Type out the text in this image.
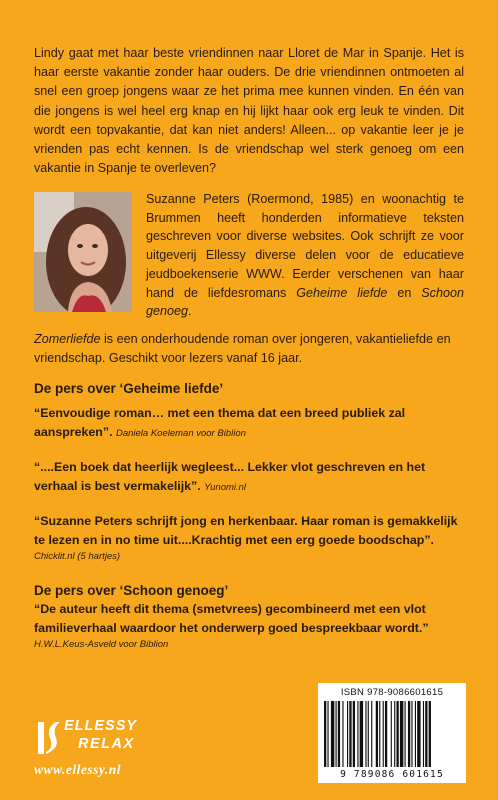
Lindy gaat met haar beste vriendinnen naar Lloret de Mar in Spanje. Het is haar eerste vakantie zonder haar ouders. De drie vriendinnen ontmoeten al snel een groep jongens waar ze het prima mee kunnen vinden. En één van die jongens is wel heel erg knap en hij lijkt haar ook erg leuk te vinden. Dit wordt een topvakantie, dat kan niet anders! Alleen... op vakantie leer je je vrienden pas echt kennen. Is de vriendschap wel sterk genoeg om een vakantie in Spanje te overleven?

Suzanne Peters (Roermond, 1985) en woonachtig te Brummen heeft honderden informatieve teksten geschreven voor diverse websites. Ook schrijft ze voor uitgeverij Ellessy diverse delen voor de educatieve jeudboekenserie WWW. Eerder verschenen van haar hand de liefdesromans Geheime liefde en Schoon genoeg.

Zomerliefde is een onderhoudende roman over jongeren, vakantieliefde en vriendschap. Geschikt voor lezers vanaf 16 jaar.

De pers over ‘Geheime liefde’
“Eenvoudige roman… met een thema dat een breed publiek zal aanspreken”. Daniela Koeleman voor Biblion
“....Een boek dat heerlijk wegleest... Lekker vlot geschreven en het verhaal is best vermakelijk”. Yunomi.nl
“Suzanne Peters schrijft jong en herkenbaar. Haar roman is gemakkelijk te lezen en in no time uit....Krachtig met een erg goede boodschap”.
Chicklit.nl (5 hartjes)
De pers over ‘Schoon genoeg’
“De auteur heeft dit thema (smetvrees) gecombineerd met een vlot familieverhaal waardoor het onderwerp goed bespreekbaar wordt.”
H.W.L.Keus-Asveld voor Biblion
ELLESSY
RELAX
www.ellessy.nl
ISBN 978-9086601615
9 789086 601615
